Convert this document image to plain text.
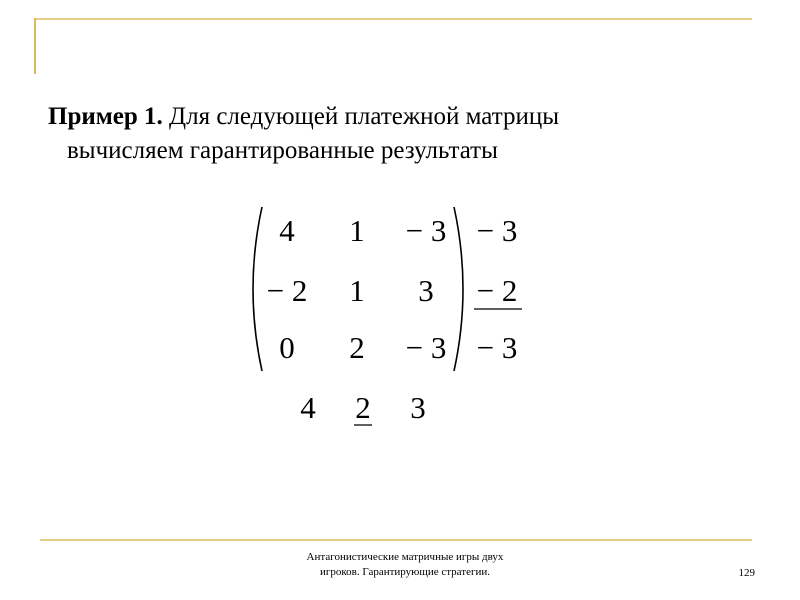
Пример 1. Для следующей платежной матрицы
вычисляем гарантированные результаты
4 1 − 3
− 2 1 3
0 2 − 3
− 3
− 2
− 3
4 2 3
Антагонистические матричные игры двух
игроков. Гарантирующие стратегии.	129
